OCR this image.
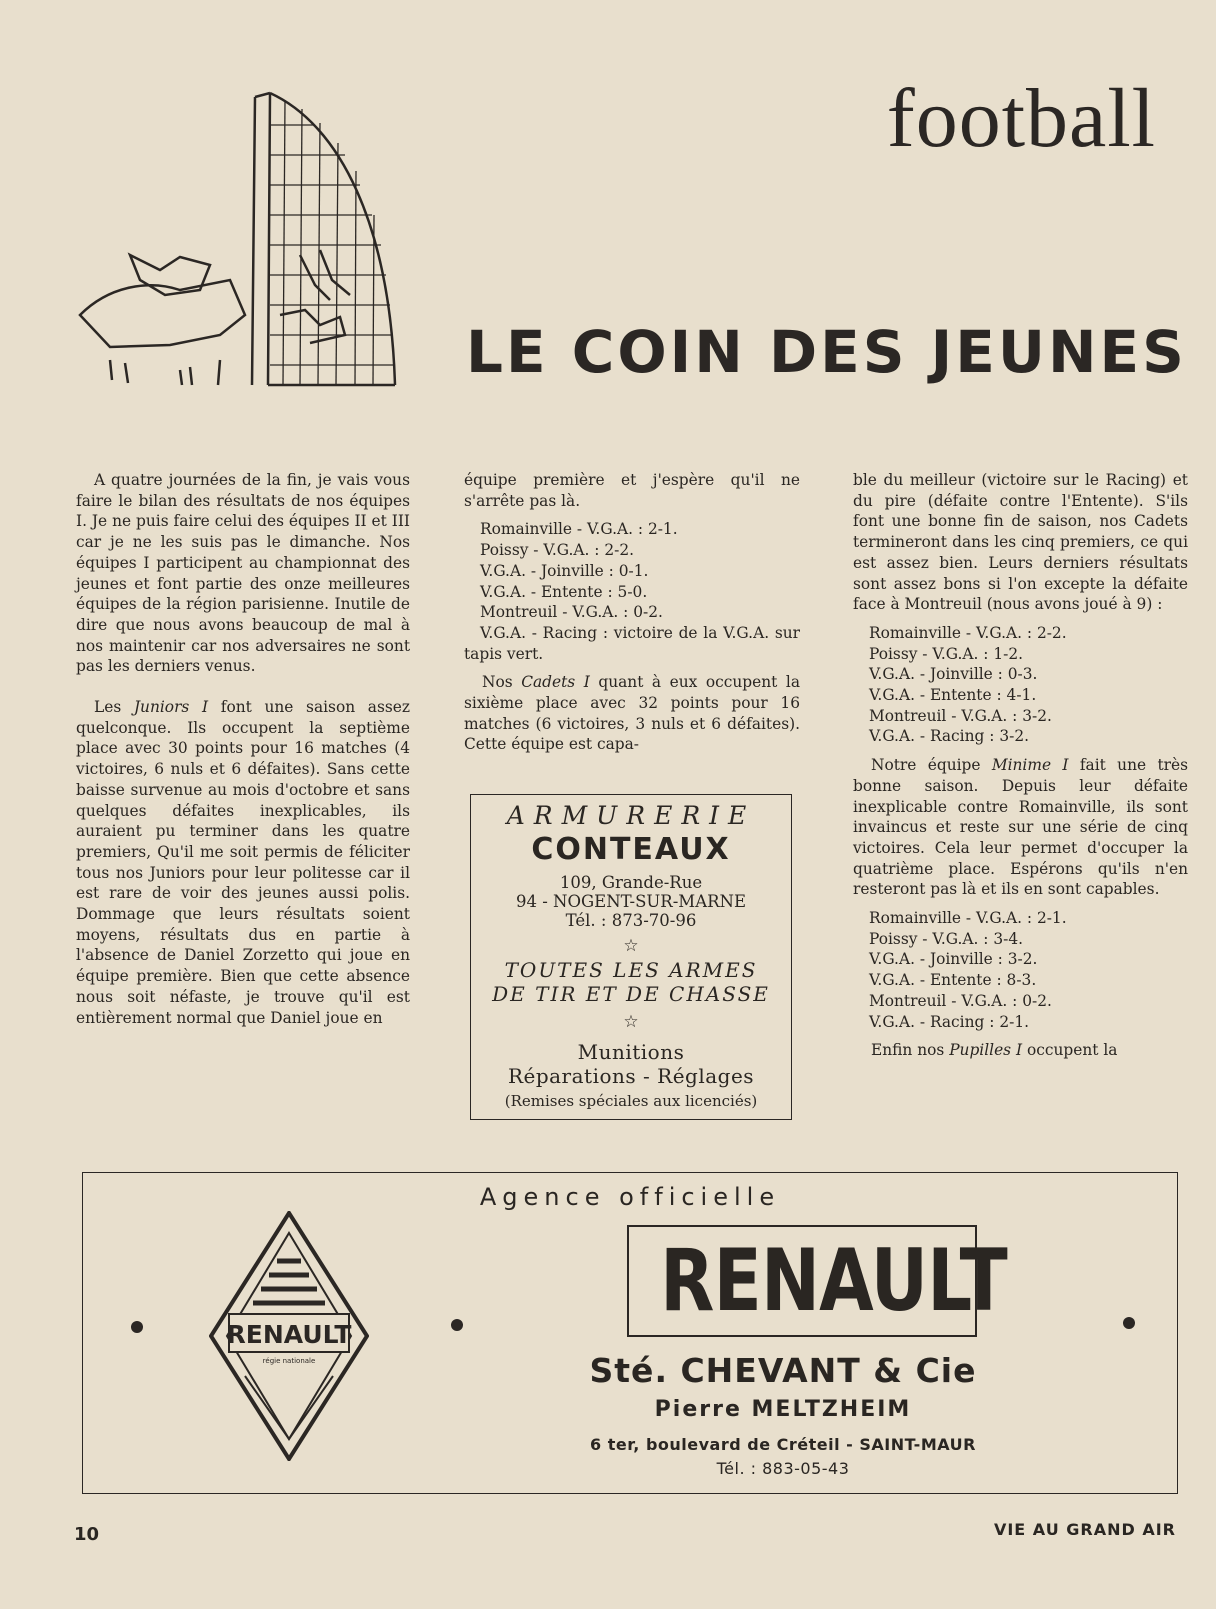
football
LE COIN DES JEUNES

A quatre journées de la fin, je vais vous faire le bilan des résultats de nos équipes I. Je ne puis faire celui des équipes II et III car je ne les suis pas le dimanche. Nos équipes I participent au championnat des jeunes et font partie des onze meilleures équipes de la région parisienne. Inutile de dire que nous avons beaucoup de mal à nos maintenir car nos adversaires ne sont pas les derniers venus.

Les Juniors I font une saison assez quelconque. Ils occupent la septième place avec 30 points pour 16 matches (4 victoires, 6 nuls et 6 défaites). Sans cette baisse survenue au mois d'octobre et sans quelques défaites inexplicables, ils auraient pu terminer dans les quatre premiers, Qu'il me soit permis de féliciter tous nos Juniors pour leur politesse car il est rare de voir des jeunes aussi polis. Dommage que leurs résultats soient moyens, résultats dus en partie à l'absence de Daniel Zorzetto qui joue en équipe première. Bien que cette absence nous soit néfaste, je trouve qu'il est entièrement normal que Daniel joue en

équipe première et j'espère qu'il ne s'arrête pas là.

Romainville - V.G.A. : 2-1.
Poissy - V.G.A. : 2-2.
V.G.A. - Joinville : 0-1.
V.G.A. - Entente : 5-0.
Montreuil - V.G.A. : 0-2.
V.G.A. - Racing : victoire de la V.G.A. sur tapis vert.

Nos Cadets I quant à eux occupent la sixième place avec 32 points pour 16 matches (6 victoires, 3 nuls et 6 défaites). Cette équipe est capa-

ARMURERIE
CONTEAUX
109, Grande-Rue
94 - NOGENT-SUR-MARNE
Tél. : 873-70-96
☆
TOUTES LES ARMES
DE TIR ET DE CHASSE
☆
Munitions
Réparations - Réglages
(Remises spéciales aux licenciés)

ble du meilleur (victoire sur le Racing) et du pire (défaite contre l'Entente). S'ils font une bonne fin de saison, nos Cadets termineront dans les cinq premiers, ce qui est assez bien. Leurs derniers résultats sont assez bons si l'on excepte la défaite face à Montreuil (nous avons joué à 9) :

Romainville - V.G.A. : 2-2.
Poissy - V.G.A. : 1-2.
V.G.A. - Joinville : 0-3.
V.G.A. - Entente : 4-1.
Montreuil - V.G.A. : 3-2.
V.G.A. - Racing : 3-2.

Notre équipe Minime I fait une très bonne saison. Depuis leur défaite inexplicable contre Romainville, ils sont invaincus et reste sur une série de cinq victoires. Cela leur permet d'occuper la quatrième place. Espérons qu'ils n'en resteront pas là et ils en sont capables.

Romainville - V.G.A. : 2-1.
Poissy - V.G.A. : 3-4.
V.G.A. - Joinville : 3-2.
V.G.A. - Entente : 8-3.
Montreuil - V.G.A. : 0-2.
V.G.A. - Racing : 2-1.

Enfin nos Pupilles I occupent la

Agence officielle
RENAULT
régie nationale
RENAULT
Sté. CHEVANT & Cie
Pierre MELTZHEIM
6 ter, boulevard de Créteil - SAINT-MAUR
Tél. : 883-05-43
10	VIE AU GRAND AIR
